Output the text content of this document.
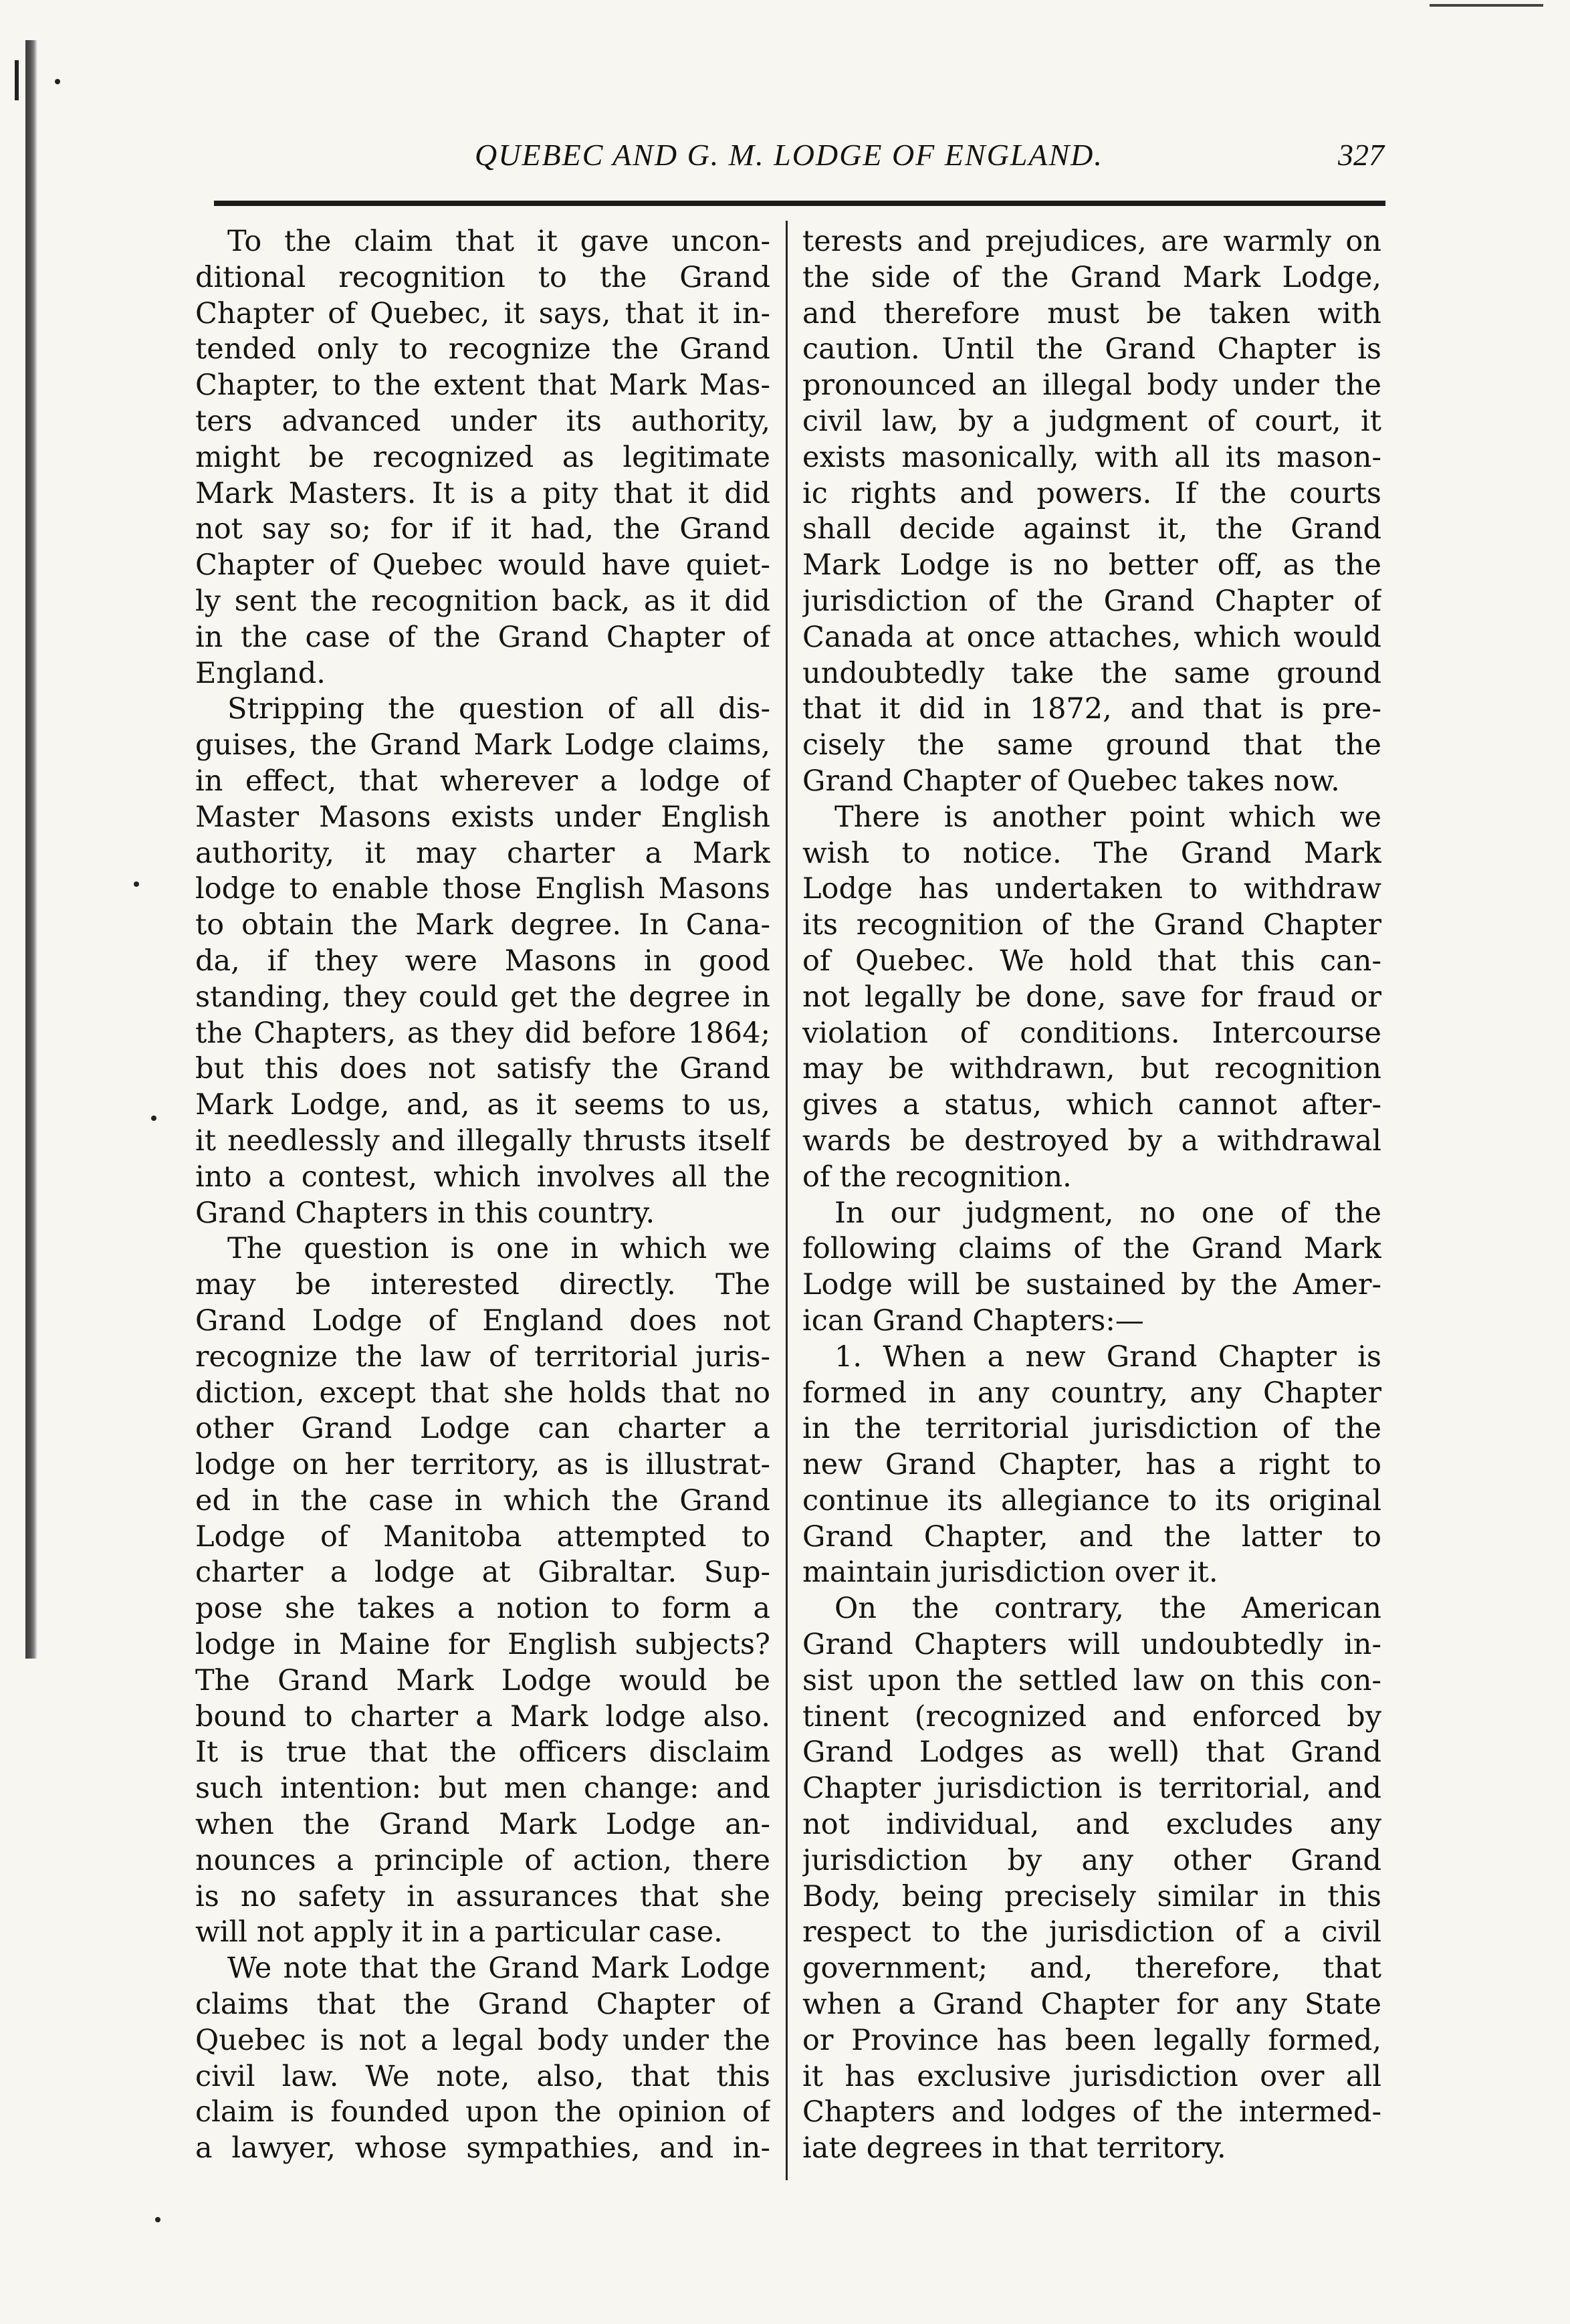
QUEBEC AND G. M. LODGE OF ENGLAND.	327
To the claim that it gave uncon-
ditional recognition to the Grand
Chapter of Quebec, it says, that it in-
tended only to recognize the Grand
Chapter, to the extent that Mark Mas-
ters advanced under its authority,
might be recognized as legitimate
Mark Masters. It is a pity that it did
not say so; for if it had, the Grand
Chapter of Quebec would have quiet-
ly sent the recognition back, as it did
in the case of the Grand Chapter of
England.
Stripping the question of all dis-
guises, the Grand Mark Lodge claims,
in effect, that wherever a lodge of
Master Masons exists under English
authority, it may charter a Mark
lodge to enable those English Masons
to obtain the Mark degree. In Cana-
da, if they were Masons in good
standing, they could get the degree in
the Chapters, as they did before 1864;
but this does not satisfy the Grand
Mark Lodge, and, as it seems to us,
it needlessly and illegally thrusts itself
into a contest, which involves all the
Grand Chapters in this country.
The question is one in which we
may be interested directly. The
Grand Lodge of England does not
recognize the law of territorial juris-
diction, except that she holds that no
other Grand Lodge can charter a
lodge on her territory, as is illustrat-
ed in the case in which the Grand
Lodge of Manitoba attempted to
charter a lodge at Gibraltar. Sup-
pose she takes a notion to form a
lodge in Maine for English subjects?
The Grand Mark Lodge would be
bound to charter a Mark lodge also.
It is true that the officers disclaim
such intention: but men change: and
when the Grand Mark Lodge an-
nounces a principle of action, there
is no safety in assurances that she
will not apply it in a particular case.
We note that the Grand Mark Lodge
claims that the Grand Chapter of
Quebec is not a legal body under the
civil law. We note, also, that this
claim is founded upon the opinion of
a lawyer, whose sympathies, and in-
terests and prejudices, are warmly on
the side of the Grand Mark Lodge,
and therefore must be taken with
caution. Until the Grand Chapter is
pronounced an illegal body under the
civil law, by a judgment of court, it
exists masonically, with all its mason-
ic rights and powers. If the courts
shall decide against it, the Grand
Mark Lodge is no better off, as the
jurisdiction of the Grand Chapter of
Canada at once attaches, which would
undoubtedly take the same ground
that it did in 1872, and that is pre-
cisely the same ground that the
Grand Chapter of Quebec takes now.
There is another point which we
wish to notice. The Grand Mark
Lodge has undertaken to withdraw
its recognition of the Grand Chapter
of Quebec. We hold that this can-
not legally be done, save for fraud or
violation of conditions. Intercourse
may be withdrawn, but recognition
gives a status, which cannot after-
wards be destroyed by a withdrawal
of the recognition.
In our judgment, no one of the
following claims of the Grand Mark
Lodge will be sustained by the Amer-
ican Grand Chapters:—
1. When a new Grand Chapter is
formed in any country, any Chapter
in the territorial jurisdiction of the
new Grand Chapter, has a right to
continue its allegiance to its original
Grand Chapter, and the latter to
maintain jurisdiction over it.
On the contrary, the American
Grand Chapters will undoubtedly in-
sist upon the settled law on this con-
tinent (recognized and enforced by
Grand Lodges as well) that Grand
Chapter jurisdiction is territorial, and
not individual, and excludes any
jurisdiction by any other Grand
Body, being precisely similar in this
respect to the jurisdiction of a civil
government; and, therefore, that
when a Grand Chapter for any State
or Province has been legally formed,
it has exclusive jurisdiction over all
Chapters and lodges of the intermed-
iate degrees in that territory.
